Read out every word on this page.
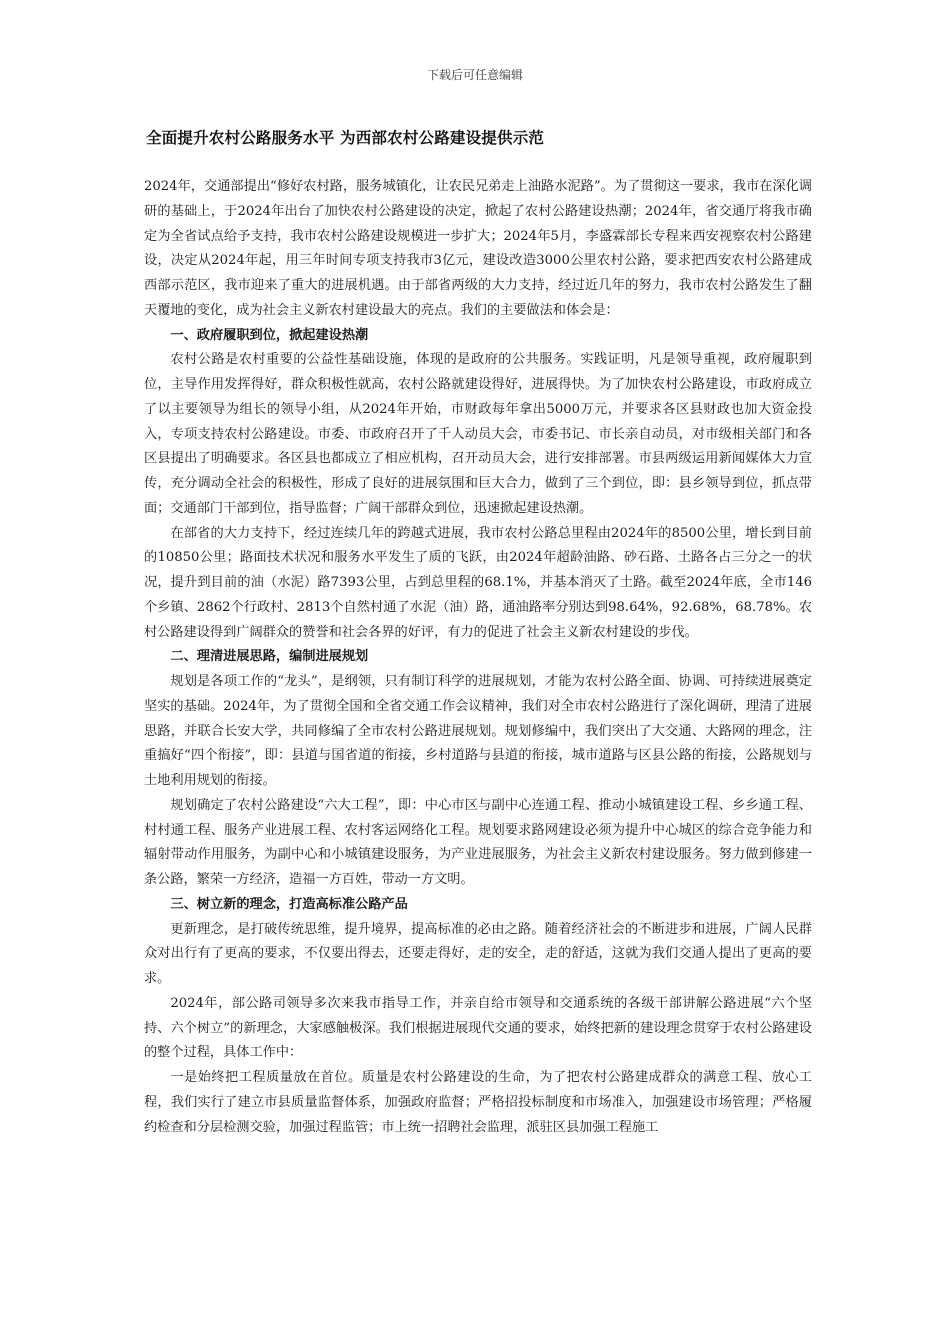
下载后可任意编辑
全面提升农村公路服务水平 为西部农村公路建设提供示范

2024年，交通部提出“修好农村路，服务城镇化，让农民兄弟走上油路水泥路”。为了贯彻这一要求，我市在深化调研的基础上，于2024年出台了加快农村公路建设的决定，掀起了农村公路建设热潮；2024年，省交通厅将我市确定为全省试点给予支持，我市农村公路建设规模进一步扩大；2024年5月，李盛霖部长专程来西安视察农村公路建设，决定从2024年起，用三年时间专项支持我市3亿元，建设改造3000公里农村公路，要求把西安农村公路建成西部示范区，我市迎来了重大的进展机遇。由于部省两级的大力支持，经过近几年的努力，我市农村公路发生了翻天覆地的变化，成为社会主义新农村建设最大的亮点。我们的主要做法和体会是：

一、政府履职到位，掀起建设热潮

农村公路是农村重要的公益性基础设施，体现的是政府的公共服务。实践证明，凡是领导重视，政府履职到位，主导作用发挥得好，群众积极性就高，农村公路就建设得好，进展得快。为了加快农村公路建设，市政府成立了以主要领导为组长的领导小组，从2024年开始，市财政每年拿出5000万元，并要求各区县财政也加大资金投入，专项支持农村公路建设。市委、市政府召开了千人动员大会，市委书记、市长亲自动员，对市级相关部门和各区县提出了明确要求。各区县也都成立了相应机构，召开动员大会，进行安排部署。市县两级运用新闻媒体大力宣传，充分调动全社会的积极性，形成了良好的进展氛围和巨大合力，做到了三个到位，即：县乡领导到位，抓点带面；交通部门干部到位，指导监督；广阔干部群众到位，迅速掀起建设热潮。

在部省的大力支持下，经过连续几年的跨越式进展，我市农村公路总里程由2024年的8500公里，增长到目前的10850公里；路面技术状况和服务水平发生了质的飞跃，由2024年超龄油路、砂石路、土路各占三分之一的状况，提升到目前的油（水泥）路7393公里，占到总里程的68.1%，并基本消灭了土路。截至2024年底，全市146个乡镇、2862个行政村、2813个自然村通了水泥（油）路，通油路率分别达到98.64%，92.68%，68.78%。农村公路建设得到广阔群众的赞誉和社会各界的好评，有力的促进了社会主义新农村建设的步伐。

二、理清进展思路，编制进展规划

规划是各项工作的“龙头”，是纲领，只有制订科学的进展规划，才能为农村公路全面、协调、可持续进展奠定坚实的基础。2024年，为了贯彻全国和全省交通工作会议精神，我们对全市农村公路进行了深化调研，理清了进展思路，并联合长安大学，共同修编了全市农村公路进展规划。规划修编中，我们突出了大交通、大路网的理念，注重搞好“四个衔接”，即：县道与国省道的衔接，乡村道路与县道的衔接，城市道路与区县公路的衔接，公路规划与土地利用规划的衔接。

规划确定了农村公路建设“六大工程”，即：中心市区与副中心连通工程、推动小城镇建设工程、乡乡通工程、村村通工程、服务产业进展工程、农村客运网络化工程。规划要求路网建设必须为提升中心城区的综合竞争能力和辐射带动作用服务，为副中心和小城镇建设服务，为产业进展服务，为社会主义新农村建设服务。努力做到修建一条公路，繁荣一方经济，造福一方百姓，带动一方文明。

三、树立新的理念，打造高标准公路产品

更新理念，是打破传统思维，提升境界，提高标准的必由之路。随着经济社会的不断进步和进展，广阔人民群众对出行有了更高的要求，不仅要出得去，还要走得好，走的安全，走的舒适，这就为我们交通人提出了更高的要求。

2024年，部公路司领导多次来我市指导工作，并亲自给市领导和交通系统的各级干部讲解公路进展“六个坚持、六个树立”的新理念，大家感触极深。我们根据进展现代交通的要求，始终把新的建设理念贯穿于农村公路建设的整个过程，具体工作中：

一是始终把工程质量放在首位。质量是农村公路建设的生命，为了把农村公路建成群众的满意工程、放心工程，我们实行了建立市县质量监督体系，加强政府监督；严格招投标制度和市场准入，加强建设市场管理；严格履约检查和分层检测交验，加强过程监管；市上统一招聘社会监理，派驻区县加强工程施工
